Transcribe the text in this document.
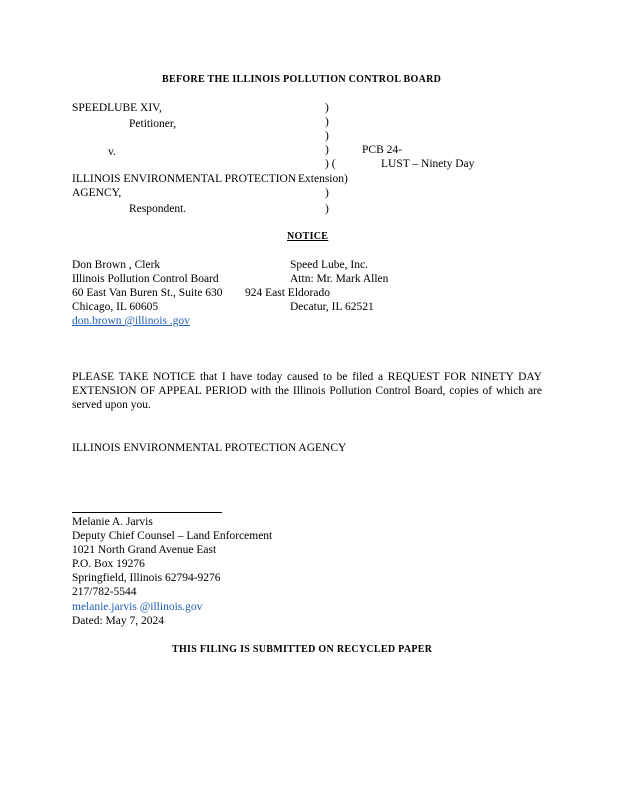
BEFORE THE ILLINOIS POLLUTION CONTROL BOARD
SPEEDLUBE XIV,
Petitioner,
v.
ILLINOIS ENVIRONMENTAL PROTECTION
AGENCY,
Respondent.
)
)
)
)
) (
)
)
PCB 24-
LUST – Ninety Day
Extension)
NOTICE
Don Brown , Clerk
Illinois Pollution Control Board
60 East Van Buren St., Suite 630
Chicago, IL 60605
don.brown @illinois .gov
Speed Lube, Inc.
Attn: Mr. Mark Allen
924 East Eldorado
Decatur, IL 62521
PLEASE TAKE NOTICE that I have today caused to be filed a REQUEST FOR NINETY DAY EXTENSION OF APPEAL PERIOD with the Illinois Pollution Control Board, copies of which are served upon you.
ILLINOIS ENVIRONMENTAL PROTECTION AGENCY
Melanie A. Jarvis
Deputy Chief Counsel – Land Enforcement
1021 North Grand Avenue East
P.O. Box 19276
Springfield, Illinois 62794-9276
217/782-5544
melanie.jarvis @illinois.gov
Dated: May 7, 2024
THIS FILING IS SUBMITTED ON RECYCLED PAPER
